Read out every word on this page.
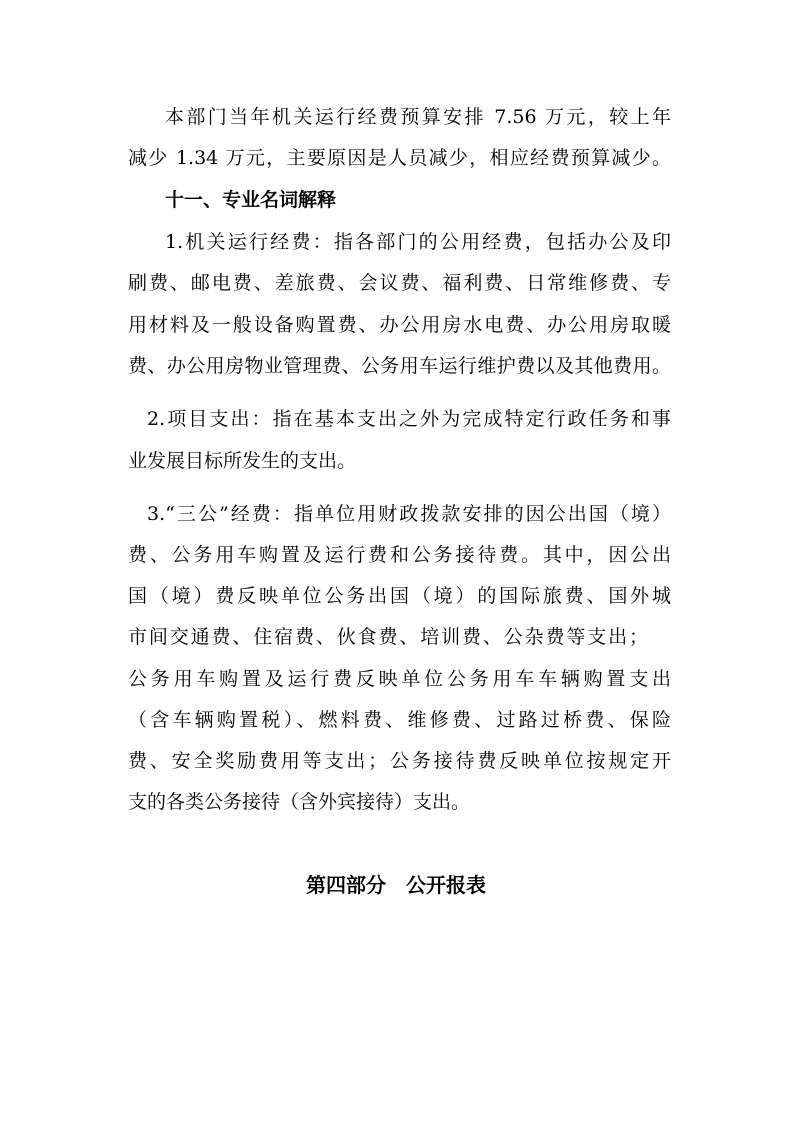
本部门当年机关运行经费预算安排 7.56 万元，较上年

减少 1.34 万元，主要原因是人员减少，相应经费预算减少。

十一、专业名词解释

1.机关运行经费：指各部门的公用经费，包括办公及印

刷费、邮电费、差旅费、会议费、福利费、日常维修费、专

用材料及一般设备购置费、办公用房水电费、办公用房取暖

费、办公用房物业管理费、公务用车运行维护费以及其他费用。

2.项目支出：指在基本支出之外为完成特定行政任务和事

业发展目标所发生的支出。

3.“三公”经费：指单位用财政拨款安排的因公出国（境）

费、公务用车购置及运行费和公务接待费。其中，因公出

国（境）费反映单位公务出国（境）的国际旅费、国外城

市间交通费、住宿费、伙食费、培训费、公杂费等支出；

公务用车购置及运行费反映单位公务用车车辆购置支出

（含车辆购置税）、燃料费、维修费、过路过桥费、保险

费、安全奖励费用等支出；公务接待费反映单位按规定开

支的各类公务接待（含外宾接待）支出。

第四部分　公开报表
